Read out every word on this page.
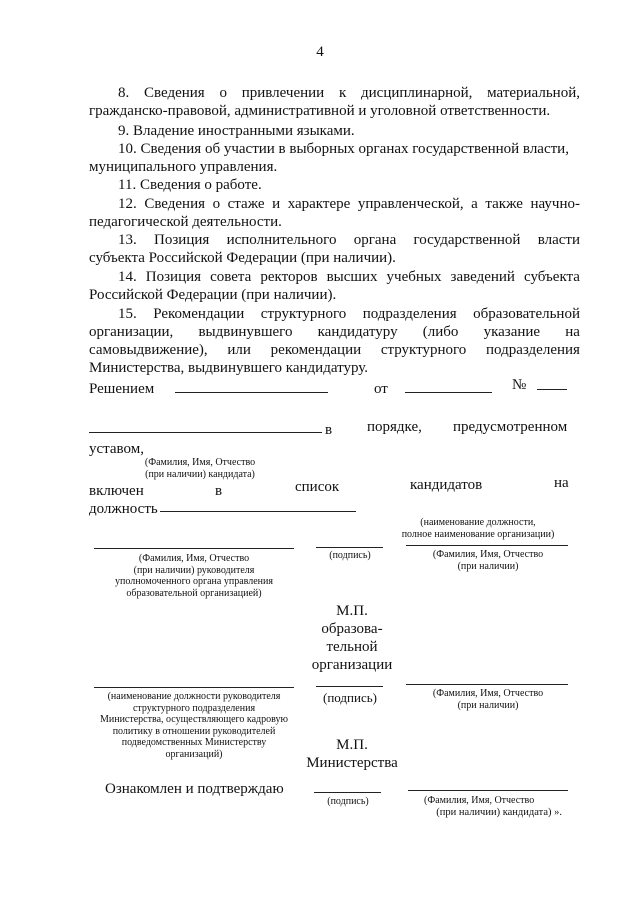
4
8. Сведения о привлечении к дисциплинарной, материальной,
гражданско-правовой, административной и уголовной ответственности.
9. Владение иностранными языками.
10. Сведения об участии в выборных органах государственной власти,
муниципального управления.
11. Сведения о работе.
12. Сведения о стаже и характере управленческой, а также научно-
педагогической деятельности.
13. Позиция исполнительного органа государственной власти
субъекта Российской Федерации (при наличии).
14. Позиция совета ректоров высших учебных заведений субъекта
Российской Федерации (при наличии).
15. Рекомендации структурного подразделения образовательной
организации, выдвинувшего кандидатуру (либо указание на
самовыдвижение), или рекомендации структурного подразделения
Министерства, выдвинувшего кандидатуру.
Решением	от	№
в порядке, предусмотренном
уставом,
(Фамилия, Имя, Отчество
(при наличии) кандидата)
включен	в	список	кандидатов	на
должность
(наименование должности,
полное наименование организации)
(Фамилия, Имя, Отчество
(при наличии) руководителя
уполномоченного органа управления
образовательной организацией)
(подпись)	(Фамилия, Имя, Отчество
(при наличии)
М.П.
образова-
тельной
организации
(наименование должности руководителя
структурного подразделения
Министерства, осуществляющего кадровую
политику в отношении руководителей
подведомственных Министерству
организаций)
(подпись)	(Фамилия, Имя, Отчество
(при наличии)
М.П.
Министерства
Ознакомлен и подтверждаю
(подпись)	(Фамилия, Имя, Отчество
(при наличии) кандидата) ».
